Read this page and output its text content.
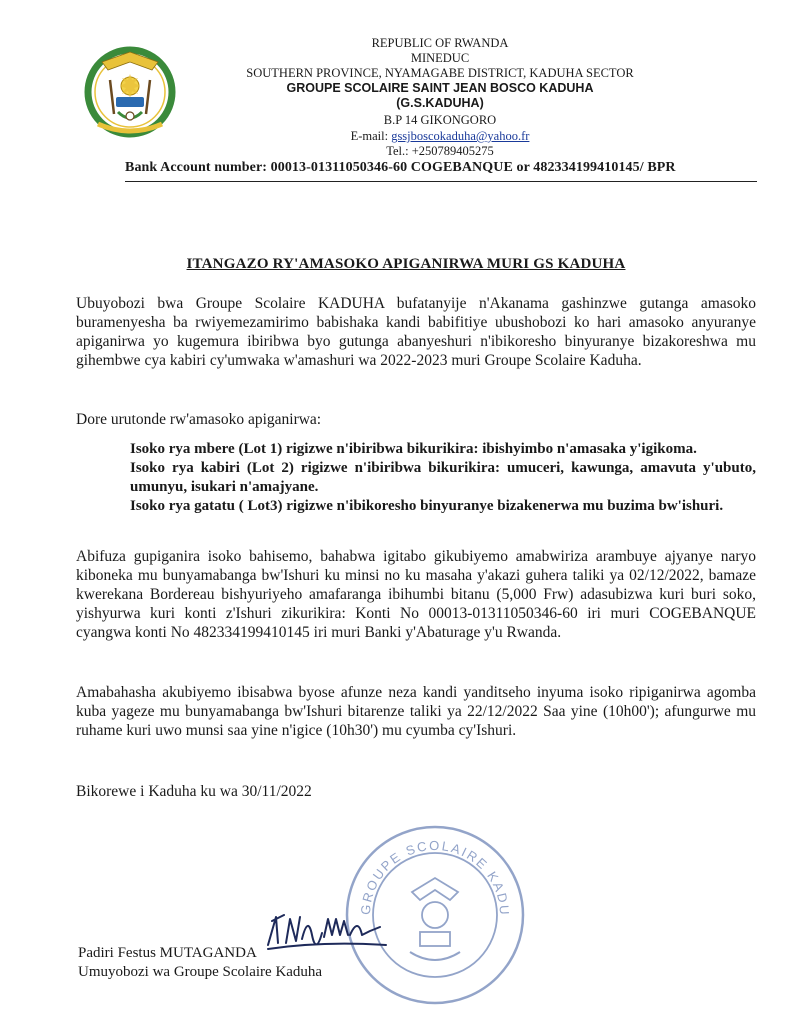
REPUBLIC OF RWANDA
MINEDUC
SOUTHERN PROVINCE, NYAMAGABE DISTRICT, KADUHA SECTOR
GROUPE SCOLAIRE SAINT JEAN BOSCO KADUHA
(G.S.KADUHA)
B.P 14 GIKONGORO
E-mail: gssjboscokaduha@yahoo.fr
Tel.: +250789405275
Bank Account number: 00013-01311050346-60 COGEBANQUE or 482334199410145/ BPR
ITANGAZO RY'AMASOKO APIGANIRWA MURI GS KADUHA
Ubuyobozi bwa Groupe Scolaire KADUHA bufatanyije n'Akanama gashinzwe gutanga amasoko buramenyesha ba rwiyemezamirimo babishaka kandi babifitiye ubushobozi ko hari amasoko anyuranye apiganirwa yo kugemura ibiribwa byo gutunga abanyeshuri n'ibikoresho binyuranye bizakoreshwa mu gihembwe cya kabiri cy'umwaka w'amashuri wa 2022-2023 muri Groupe Scolaire Kaduha.
Dore urutonde rw'amasoko apiganirwa:

Isoko rya mbere (Lot 1) rigizwe n'ibiribwa bikurikira: ibishyimbo n'amasaka y'igikoma.

Isoko rya kabiri (Lot 2) rigizwe n'ibiribwa bikurikira: umuceri, kawunga, amavuta y'ubuto, umunyu, isukari n'amajyane.

Isoko rya gatatu ( Lot3) rigizwe n'ibikoresho binyuranye bizakenerwa mu buzima bw'ishuri.

Abifuza gupiganira isoko bahisemo, bahabwa igitabo gikubiyemo amabwiriza arambuye ajyanye naryo kiboneka mu bunyamabanga bw'Ishuri ku minsi no ku masaha y'akazi guhera taliki ya 02/12/2022, bamaze kwerekana Bordereau bishyuriyeho amafaranga ibihumbi bitanu (5,000 Frw) adasubizwa kuri buri soko, yishyurwa kuri konti z'Ishuri zikurikira: Konti No 00013-01311050346-60 iri muri COGEBANQUE cyangwa konti No 482334199410145 iri muri Banki y'Abaturage y'u Rwanda.
Amabahasha akubiyemo ibisabwa byose afunze neza kandi yanditseho inyuma isoko ripiganirwa agomba kuba yageze mu bunyamabanga bw'Ishuri bitarenze taliki ya 22/12/2022 Saa yine (10h00'); afungurwe mu ruhame kuri uwo munsi saa yine n'igice (10h30') mu cyumba cy'Ishuri.
Bikorewe i Kaduha ku wa 30/11/2022
GROUPE SCOLAIRE KADU
Padiri Festus MUTAGANDA
Umuyobozi wa Groupe Scolaire Kaduha
